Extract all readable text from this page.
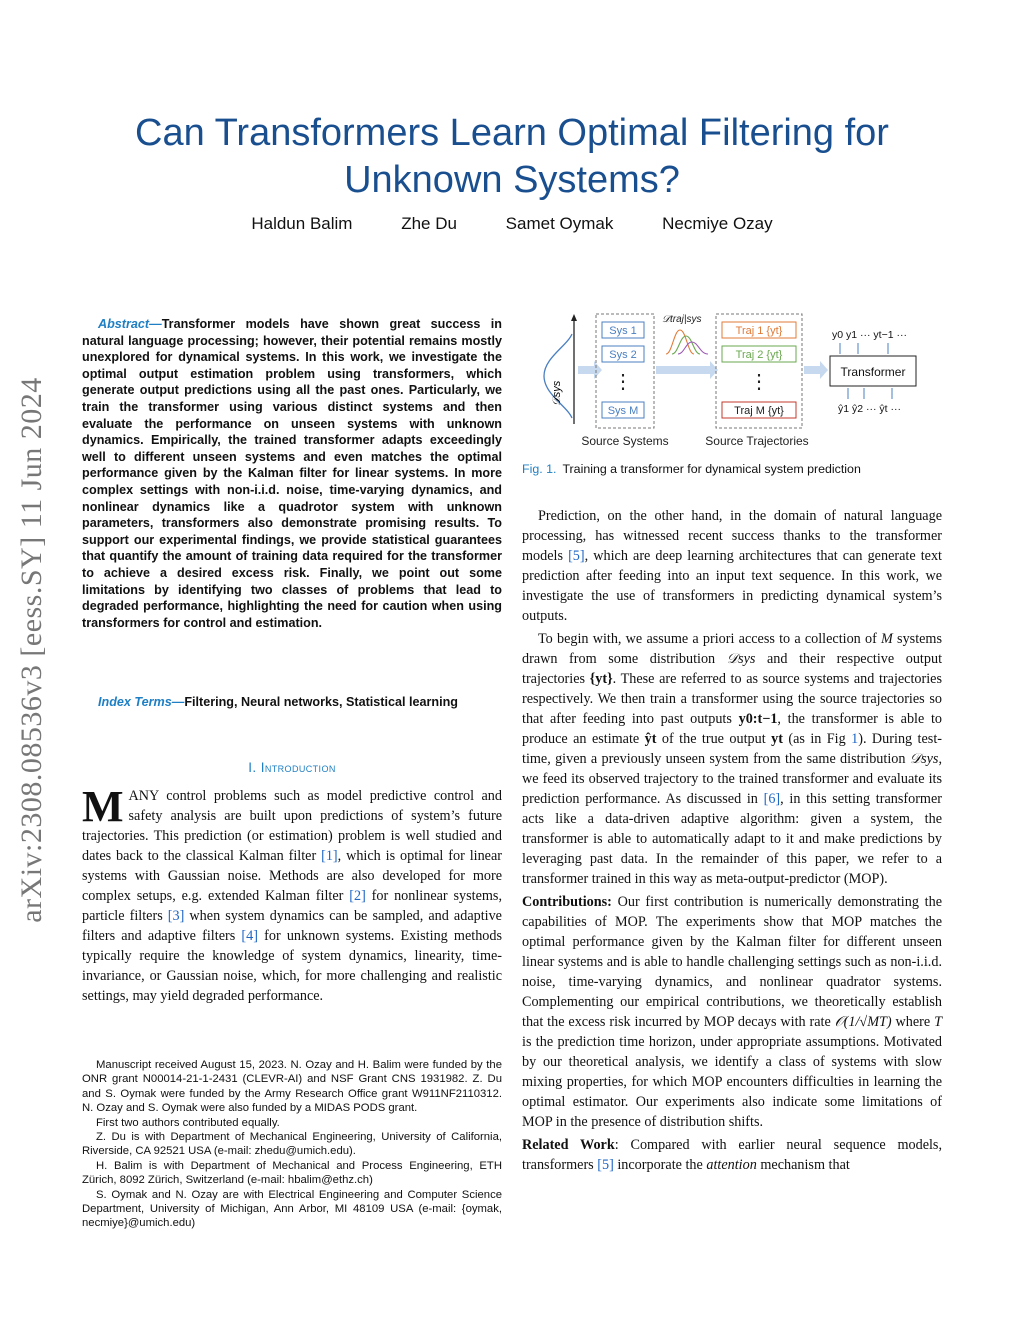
arXiv:2308.08536v3 [eess.SY] 11 Jun 2024
Can Transformers Learn Optimal Filtering for Unknown Systems?
Haldun Balim	Zhe Du	Samet Oymak	Necmiye Ozay
Abstract—Transformer models have shown great success in natural language processing; however, their potential remains mostly unexplored for dynamical systems. In this work, we investigate the optimal output estimation problem using transformers, which generate output predictions using all the past ones. Particularly, we train the transformer using various distinct systems and then evaluate the performance on unseen systems with unknown dynamics. Empirically, the trained transformer adapts exceedingly well to different unseen systems and even matches the optimal performance given by the Kalman filter for linear systems. In more complex settings with non-i.i.d. noise, time-varying dynamics, and nonlinear dynamics like a quadrotor system with unknown parameters, transformers also demonstrate promising results. To support our experimental findings, we provide statistical guarantees that quantify the amount of training data required for the transformer to achieve a desired excess risk. Finally, we point out some limitations by identifying two classes of problems that lead to degraded performance, highlighting the need for caution when using transformers for control and estimation.
Index Terms—Filtering, Neural networks, Statistical learning
I. Introduction
MANY control problems such as model predictive control and safety analysis are built upon predictions of system’s future trajectories. This prediction (or estimation) problem is well studied and dates back to the classical Kalman filter [1], which is optimal for linear systems with Gaussian noise. Methods are also developed for more complex setups, e.g. extended Kalman filter [2] for nonlinear systems, particle filters [3] when system dynamics can be sampled, and adaptive filters and adaptive filters [4] for unknown systems. Existing methods typically require the knowledge of system dynamics, linearity, time-invariance, or Gaussian noise, which, for more challenging and realistic settings, may yield degraded performance.

Manuscript received August 15, 2023. N. Ozay and H. Balim were funded by the ONR grant N00014-21-1-2431 (CLEVR-AI) and NSF Grant CNS 1931982. Z. Du and S. Oymak were funded by the Army Research Office grant W911NF2110312. N. Ozay and S. Oymak were also funded by a MIDAS PODS grant.

First two authors contributed equally.

Z. Du is with Department of Mechanical Engineering, University of California, Riverside, CA 92521 USA (e-mail: zhedu@umich.edu).

H. Balim is with Department of Mechanical and Process Engineering, ETH Zürich, 8092 Zürich, Switzerland (e-mail: hbalim@ethz.ch)

S. Oymak and N. Ozay are with Electrical Engineering and Computer Science Department, University of Michigan, Ann Arbor, MI 48109 USA (e-mail: {oymak, necmiye}@umich.edu)

𝒟sys
Sys 1
Sys 2
⋮
Sys M
Source Systems
𝒟traj|sys
Traj 1 {yt}
Traj 2 {yt}
⋮
Traj M {yt}
Source Trajectories
y0 y1 ··· yt−1 ···
Transformer
ŷ1 ŷ2 ··· ŷt ···
Fig. 1. Training a transformer for dynamical system prediction

Prediction, on the other hand, in the domain of natural language processing, has witnessed recent success thanks to the transformer models [5], which are deep learning architectures that can generate text prediction after feeding into an input text sequence. In this work, we investigate the use of transformers in predicting dynamical system’s outputs.

To begin with, we assume a priori access to a collection of M systems drawn from some distribution 𝒟sys and their respective output trajectories {yt}. These are referred to as source systems and trajectories respectively. We then train a transformer using the source trajectories so that after feeding into past outputs y0:t−1, the transformer is able to produce an estimate ŷt of the true output yt (as in Fig 1). During test-time, given a previously unseen system from the same distribution 𝒟sys, we feed its observed trajectory to the trained transformer and evaluate its prediction performance. As discussed in [6], in this setting transformer acts like a data-driven adaptive algorithm: given a system, the transformer is able to automatically adapt to it and make predictions by leveraging past data. In the remainder of this paper, we refer to a transformer trained in this way as meta-output-predictor (MOP).

Contributions: Our first contribution is numerically demonstrating the capabilities of MOP. The experiments show that MOP matches the optimal performance given by the Kalman filter for different unseen linear systems and is able to handle challenging settings such as non-i.i.d. noise, time-varying dynamics, and nonlinear quadrator systems. Complementing our empirical contributions, we theoretically establish that the excess risk incurred by MOP decays with rate 𝒪(1/√MT) where T is the prediction time horizon, under appropriate assumptions. Motivated by our theoretical analysis, we identify a class of systems with slow mixing properties, for which MOP encounters difficulties in learning the optimal estimator. Our experiments also indicate some limitations of MOP in the presence of distribution shifts.

Related Work: Compared with earlier neural sequence models, transformers [5] incorporate the attention mechanism that
